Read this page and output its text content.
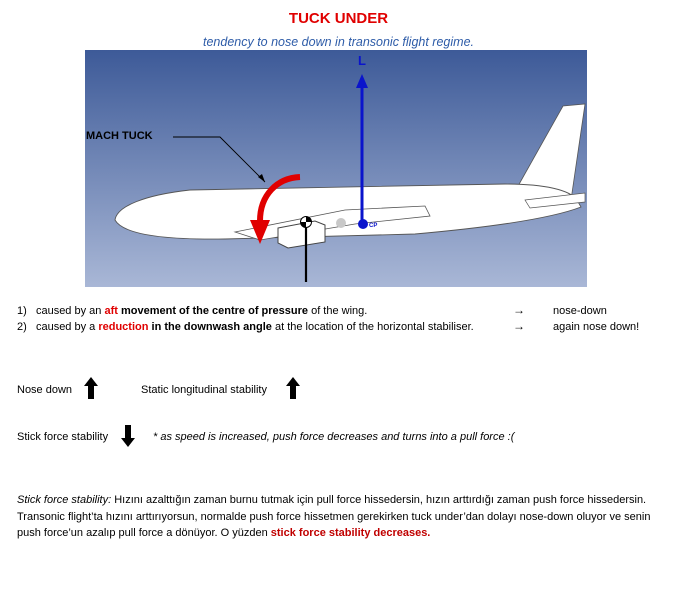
TUCK UNDER
tendency to nose down in transonic flight regime.
L
CP
MACH TUCK
1) caused by an aft movement of the centre of pressure of the wing.	→	nose-down
2) caused by a reduction in the downwash angle at the location of the horizontal stabiliser.	→	again nose down!
Nose down	Static longitudinal stability
Stick force stability	* as speed is increased, push force decreases and turns into a pull force :(
Stick force stability: Hızını azalttığın zaman burnu tutmak için pull force hissedersin, hızın arttırdığı zaman push force hissedersin. Transonic flight’ta hızını arttırıyorsun, normalde push force hissetmen gerekirken tuck under’dan dolayı nose-down oluyor ve senin push force’un azalıp pull force a dönüyor. O yüzden stick force stability decreases.
